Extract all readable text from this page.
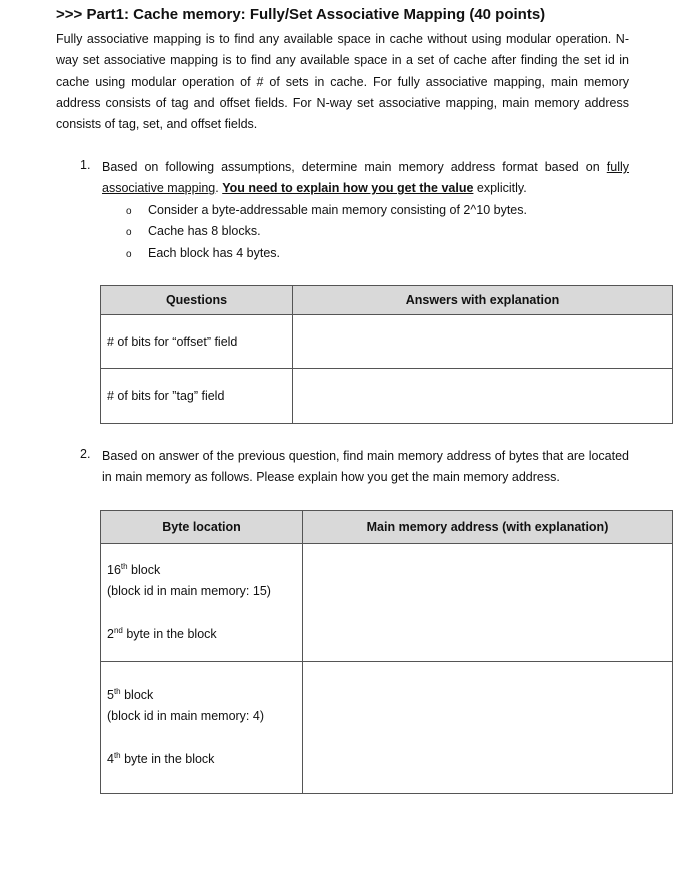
>>> Part1: Cache memory: Fully/Set Associative Mapping (40 points)
Fully associative mapping is to find any available space in cache without using modular operation. N-way set associative mapping is to find any available space in a set of cache after finding the set id in cache using modular operation of # of sets in cache. For fully associative mapping, main memory address consists of tag and offset fields. For N-way set associative mapping, main memory address consists of tag, set, and offset fields.
1. Based on following assumptions, determine main memory address format based on fully associative mapping. You need to explain how you get the value explicitly.
o Consider a byte-addressable main memory consisting of 2^10 bytes.
o Cache has 8 blocks.
o Each block has 4 bytes.
Questions	Answers with explanation
# of bits for “offset” field	
# of bits for ”tag” field	
2. Based on answer of the previous question, find main memory address of bytes that are located in main memory as follows. Please explain how you get the main memory address.
Byte location	Main memory address (with explanation)

16th block
(block id in main memory: 15)
2nd byte in the block	

5th block
(block id in main memory: 4)
4th byte in the block	
